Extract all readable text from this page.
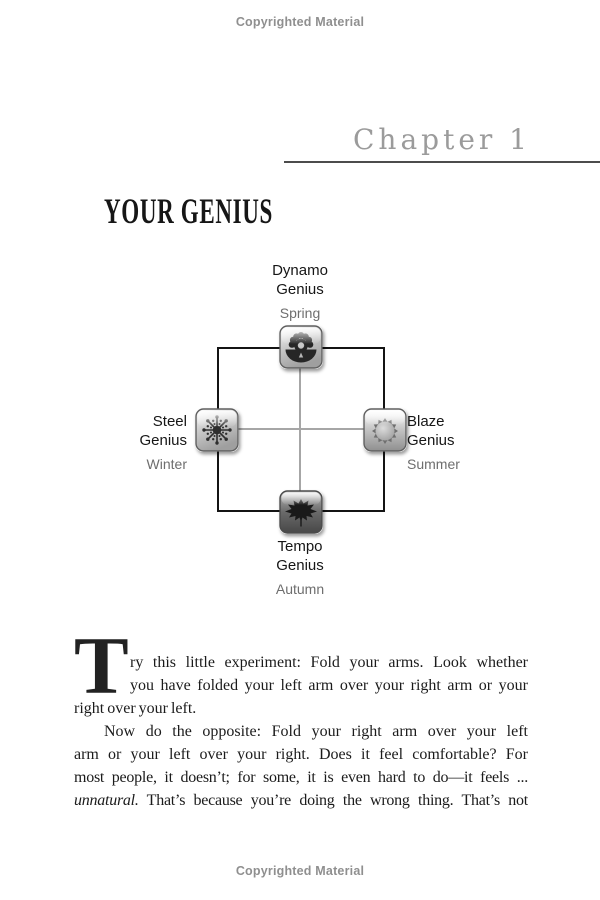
Copyrighted Material
Chapter 1
YOUR GENIUS
Dynamo
Genius
Spring
Steel
Genius
Winter
Blaze
Genius
Summer
Tempo
Genius
Autumn
T ry this little experiment: Fold your arms. Look whether
you have folded your left arm over your right arm or your
right over your left.
Now do the opposite: Fold your right arm over your left
arm or your left over your right. Does it feel comfortable? For
most people, it doesn’t; for some, it is even hard to do—it feels ...
unnatural. That’s because you’re doing the wrong thing. That’s not
Copyrighted Material
